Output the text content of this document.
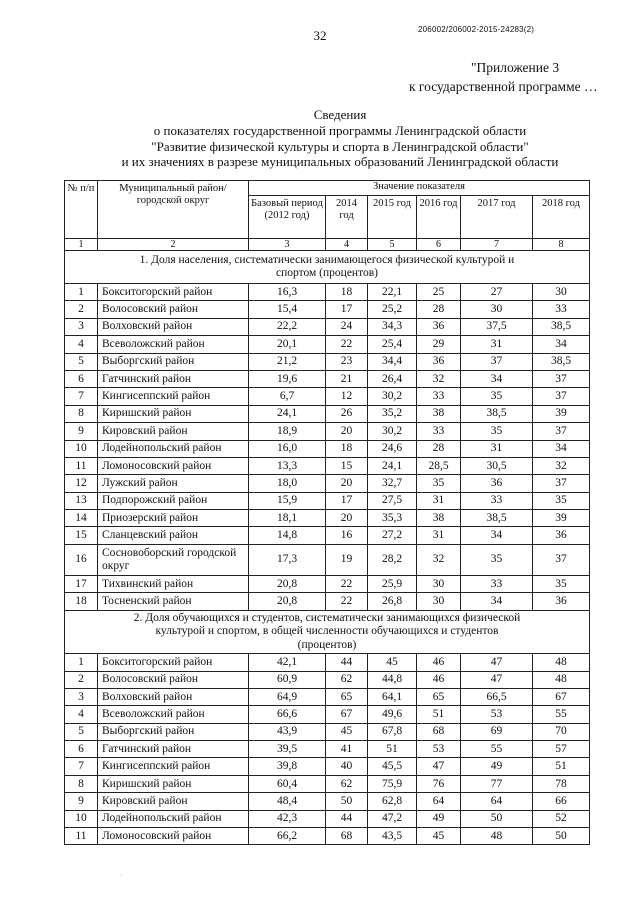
32	206002/206002-2015-24283(2)
"Приложение 3
к государственной программе …
Сведения
о показателях государственной программы Ленинградской области
"Развитие физической культуры и спорта в Ленинградской области"
и их значениях в разрезе муниципальных образований Ленинградской области
№ п/п	Муниципальный район/ городской округ	Значение показателя					
		Базовый период (2012 год)	2014 год	2015 год	2016 год	2017 год	2018 год
1	2	3	4	5	6	7	8
1. Доля населения, систематически занимающегося физической культурой и спортом (процентов)							
1	Бокситогорский район	16,3	18	22,1	25	27	30
2	Волосовский район	15,4	17	25,2	28	30	33
3	Волховский район	22,2	24	34,3	36	37,5	38,5
4	Всеволожский район	20,1	22	25,4	29	31	34
5	Выборгский район	21,2	23	34,4	36	37	38,5
6	Гатчинский район	19,6	21	26,4	32	34	37
7	Кингисеппский район	6,7	12	30,2	33	35	37
8	Киришский район	24,1	26	35,2	38	38,5	39
9	Кировский район	18,9	20	30,2	33	35	37
10	Лодейнопольский район	16,0	18	24,6	28	31	34
11	Ломоносовский район	13,3	15	24,1	28,5	30,5	32
12	Лужский район	18,0	20	32,7	35	36	37
13	Подпорожский район	15,9	17	27,5	31	33	35
14	Приозерский район	18,1	20	35,3	38	38,5	39
15	Сланцевский район	14,8	16	27,2	31	34	36
16	Сосновоборский городской округ	17,3	19	28,2	32	35	37
17	Тихвинский район	20,8	22	25,9	30	33	35
18	Тосненский район	20,8	22	26,8	30	34	36
2. Доля обучающихся и студентов, систематически занимающихся физической культурой и спортом, в общей численности обучающихся и студентов (процентов)							
1	Бокситогорский район	42,1	44	45	46	47	48
2	Волосовский район	60,9	62	44,8	46	47	48
3	Волховский район	64,9	65	64,1	65	66,5	67
4	Всеволожский район	66,6	67	49,6	51	53	55
5	Выборгский район	43,9	45	67,8	68	69	70
6	Гатчинский район	39,5	41	51	53	55	57
7	Кингисеппский район	39,8	40	45,5	47	49	51
8	Киришский район	60,4	62	75,9	76	77	78
9	Кировский район	48,4	50	62,8	64	64	66
10	Лодейнопольский район	42,3	44	47,2	49	50	52
11	Ломоносовский район	66,2	68	43,5	45	48	50
ˈ
